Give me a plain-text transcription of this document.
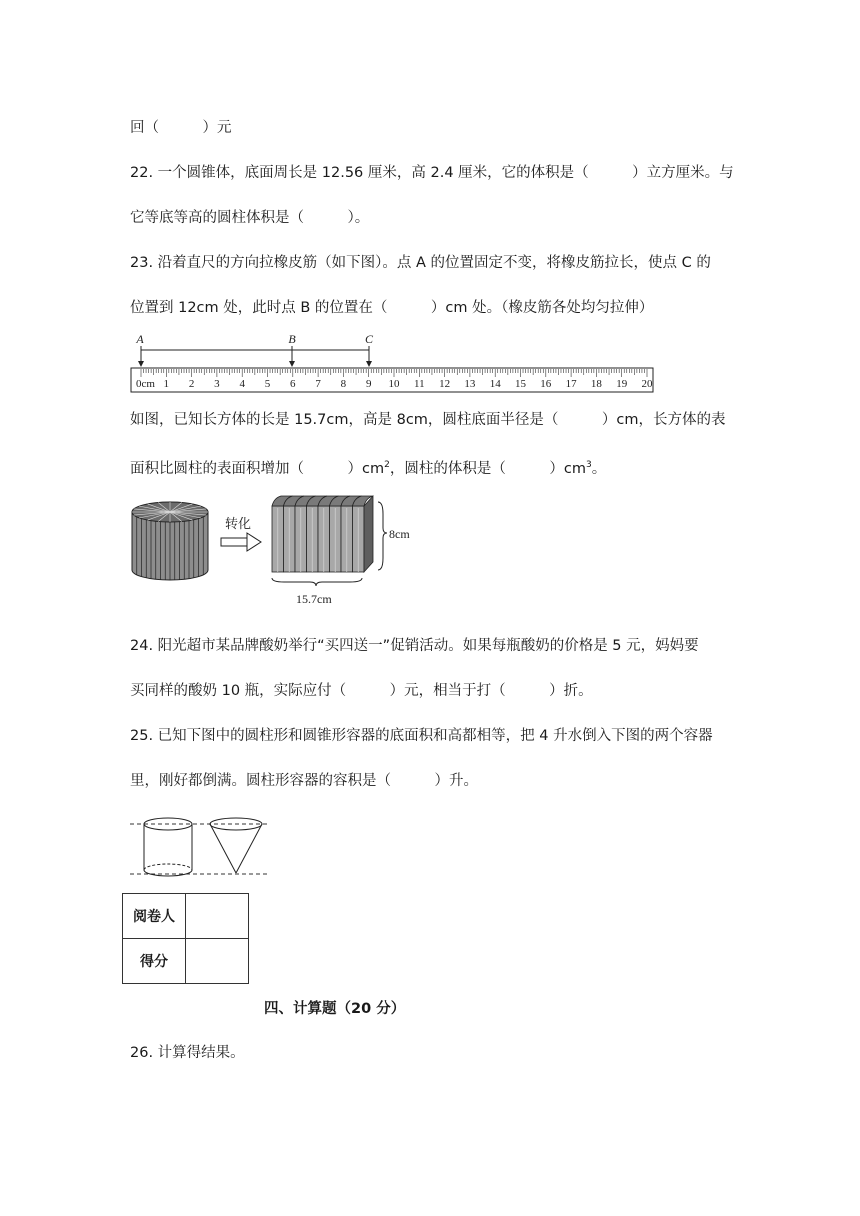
回（　　　）元
22. 一个圆锥体，底面周长是 12.56 厘米，高 2.4 厘米，它的体积是（　　　）立方厘米。与
它等底等高的圆柱体积是（　　　）。
23. 沿着直尺的方向拉橡皮筋（如下图）。点 A 的位置固定不变，将橡皮筋拉长，使点 C 的
位置到 12cm 处，此时点 B 的位置在（　　　）cm 处。（橡皮筋各处均匀拉伸）
A	B	C
0cm 1 2 3 4 5 6 7 8 9 10 11 12 13 14 15 16 17 18 19 20
如图，已知长方体的长是 15.7cm，高是 8cm，圆柱底面半径是（　　　）cm，长方体的表
面积比圆柱的表面积增加（　　　）$cm^2$，圆柱的体积是（　　　）$cm^3$。
转化
8cm
15.7cm
24. 阳光超市某品牌酸奶举行“买四送一”促销活动。如果每瓶酸奶的价格是 5 元，妈妈要
买同样的酸奶 10 瓶，实际应付（　　　）元，相当于打（　　　）折。
25. 已知下图中的圆柱形和圆锥形容器的底面积和高都相等，把 4 升水倒入下图的两个容器
里，刚好都倒满。圆柱形容器的容积是（　　　）升。
阅卷人	
得分	
四、计算题（20 分）
26. 计算得结果。
